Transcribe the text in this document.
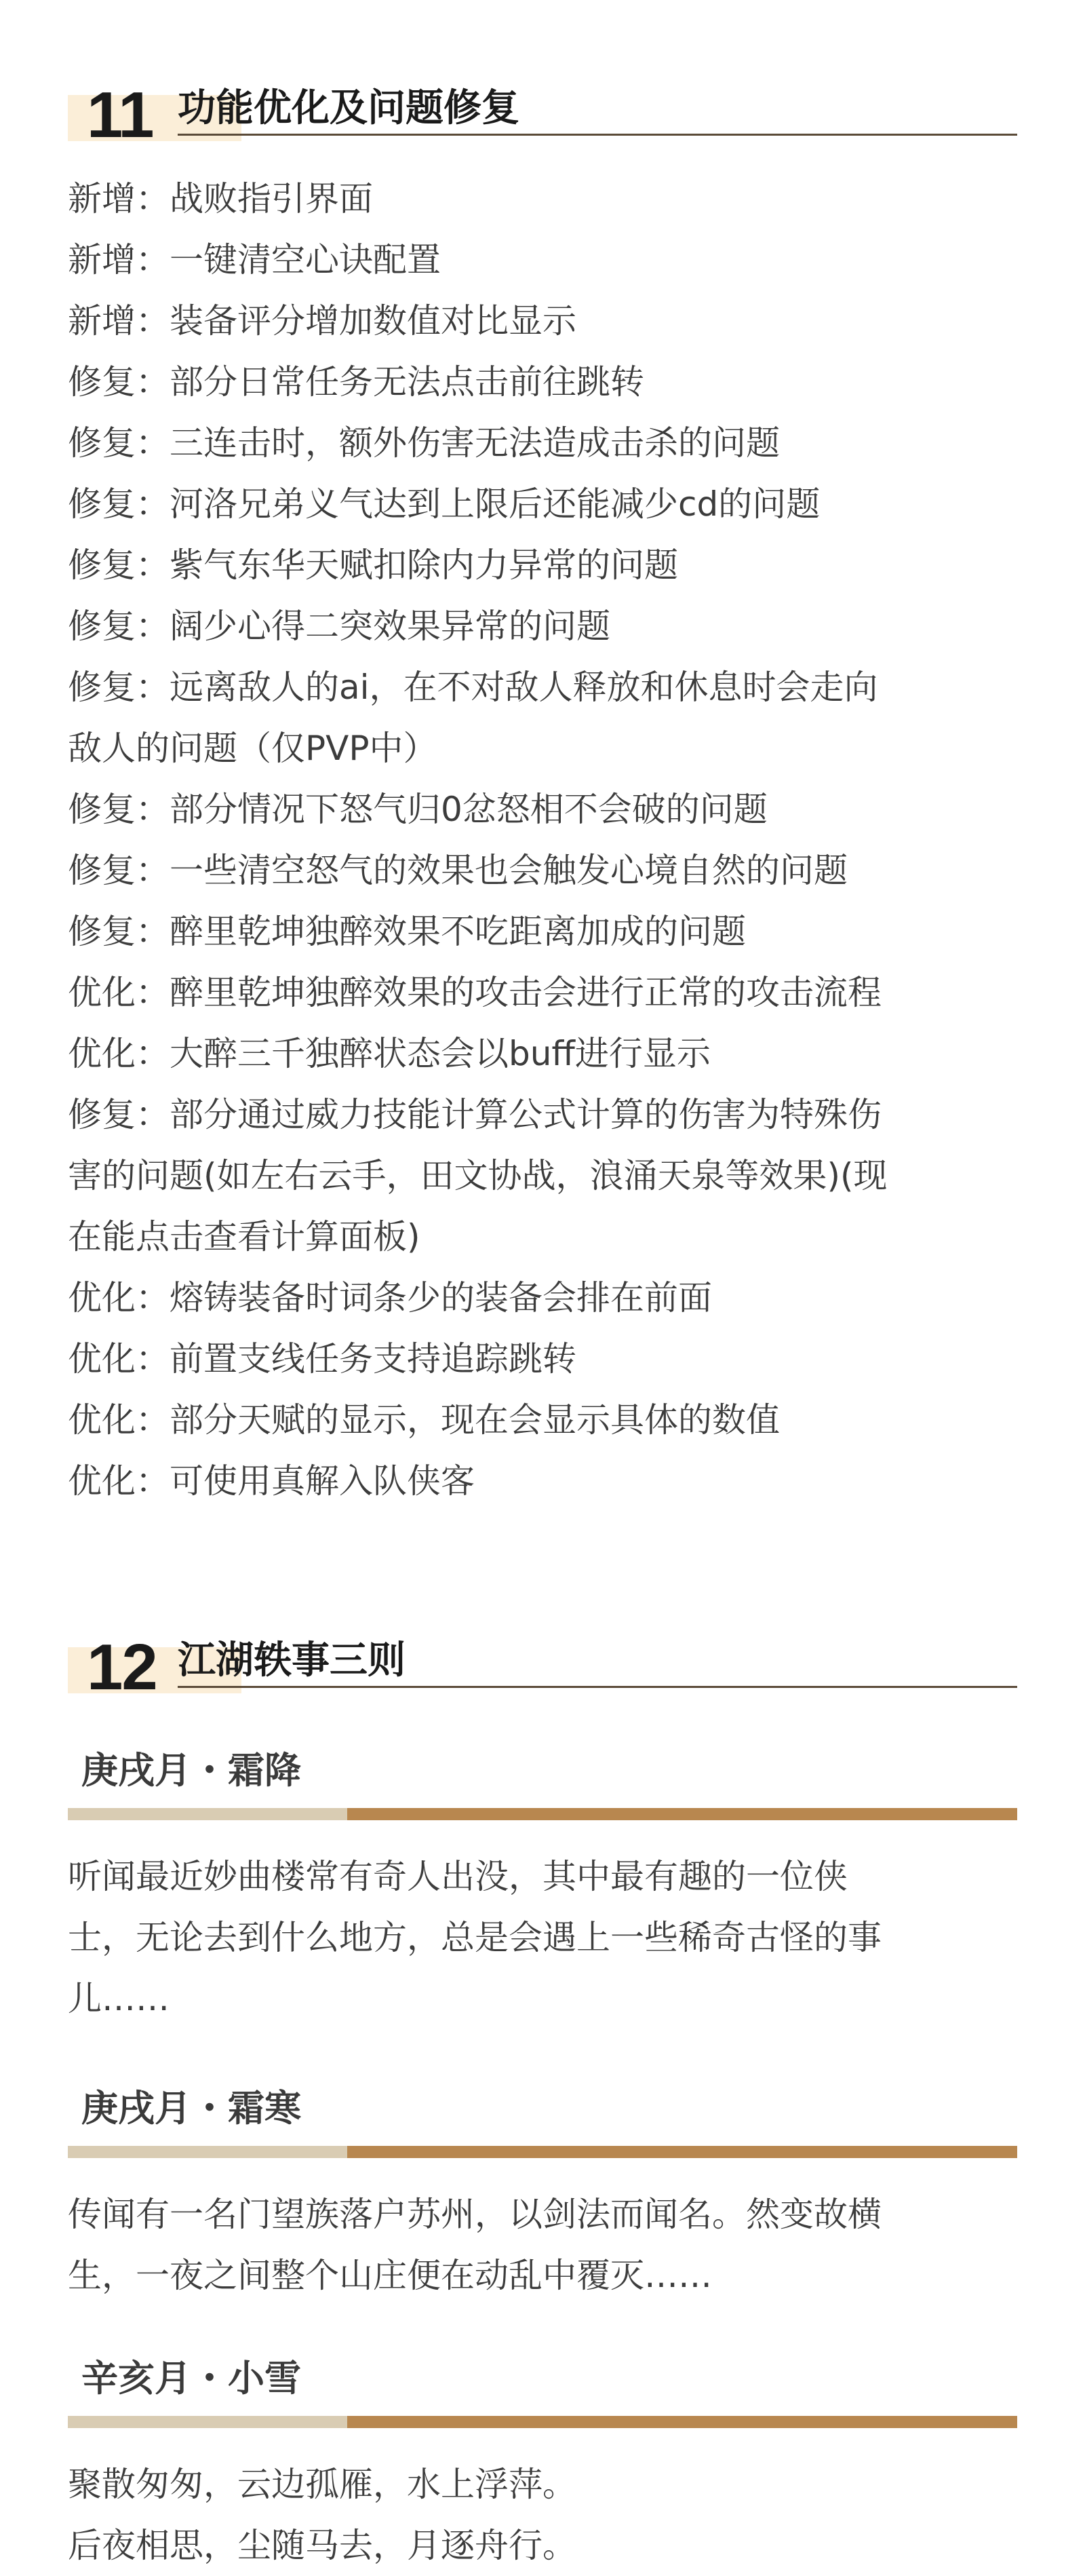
11 功能优化及问题修复
新增：战败指引界面
新增：一键清空心诀配置
新增：装备评分增加数值对比显示
修复：部分日常任务无法点击前往跳转
修复：三连击时，额外伤害无法造成击杀的问题
修复：河洛兄弟义气达到上限后还能减少cd的问题
修复：紫气东华天赋扣除内力异常的问题
修复：阔少心得二突效果异常的问题
修复：远离敌人的ai，在不对敌人释放和休息时会走向
敌人的问题（仅PVP中）
修复：部分情况下怒气归0忿怒相不会破的问题
修复：一些清空怒气的效果也会触发心境自然的问题
修复：醉里乾坤独醉效果不吃距离加成的问题
优化：醉里乾坤独醉效果的攻击会进行正常的攻击流程
优化：大醉三千独醉状态会以buff进行显示
修复：部分通过威力技能计算公式计算的伤害为特殊伤
害的问题(如左右云手，田文协战，浪涌天泉等效果)(现
在能点击查看计算面板)
优化：熔铸装备时词条少的装备会排在前面
优化：前置支线任务支持追踪跳转
优化：部分天赋的显示，现在会显示具体的数值
优化：可使用真解入队侠客
12 江湖轶事三则
庚戌月・霜降

听闻最近妙曲楼常有奇人出没，其中最有趣的一位侠
士，无论去到什么地方，总是会遇上一些稀奇古怪的事
儿……

庚戌月・霜寒

传闻有一名门望族落户苏州，以剑法而闻名。然变故横
生，一夜之间整个山庄便在动乱中覆灭……

辛亥月・小雪

聚散匆匆，云边孤雁，水上浮萍。
后夜相思，尘随马去，月逐舟行。
